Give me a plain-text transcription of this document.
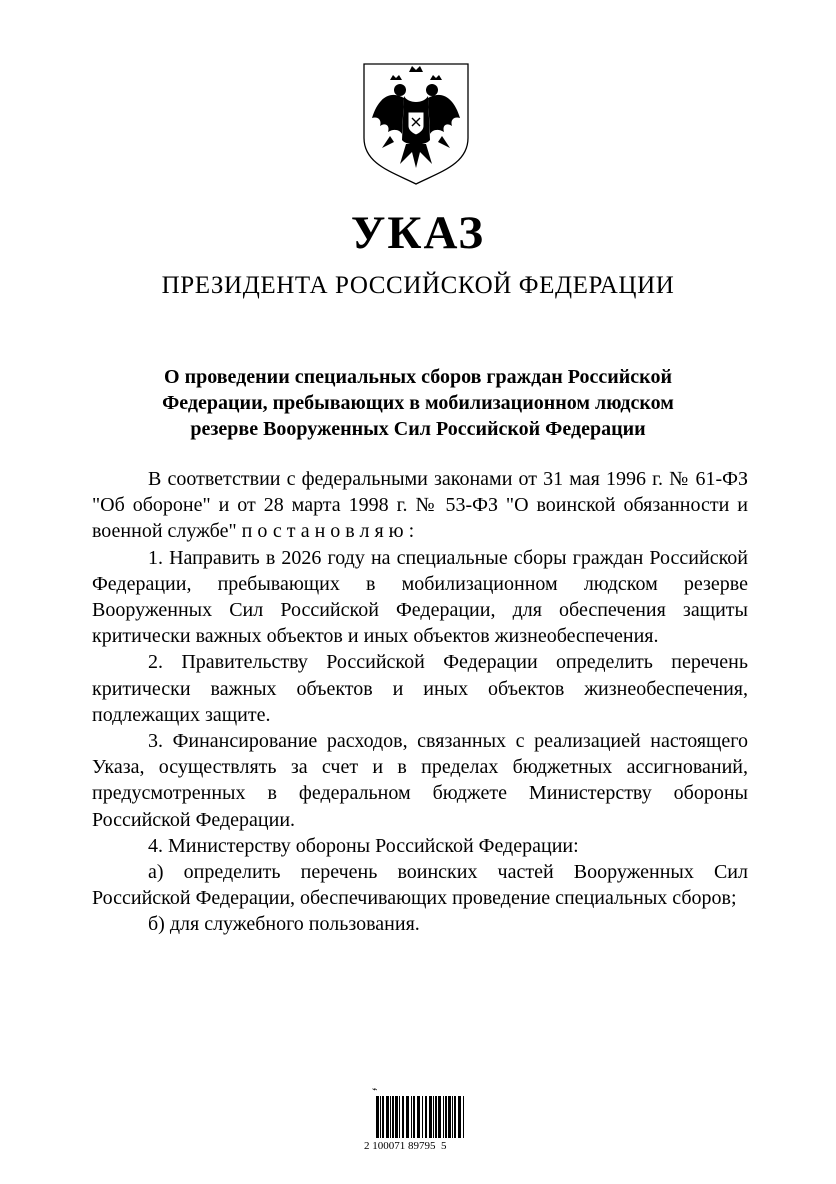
УКАЗ
ПРЕЗИДЕНТА РОССИЙСКОЙ ФЕДЕРАЦИИ
О проведении специальных сборов граждан Российской
Федерации, пребывающих в мобилизационном людском
резерве Вооруженных Сил Российской Федерации

В соответствии с федеральными законами от 31 мая 1996 г. № 61-ФЗ "Об обороне" и от 28 марта 1998 г. № 53-ФЗ "О воинской обязанности и военной службе" постановляю:

1. Направить в 2026 году на специальные сборы граждан Российской Федерации, пребывающих в мобилизационном людском резерве Вооруженных Сил Российской Федерации, для обеспечения защиты критически важных объектов и иных объектов жизнеобеспечения.

2. Правительству Российской Федерации определить перечень критически важных объектов и иных объектов жизнеобеспечения, подлежащих защите.

3. Финансирование расходов, связанных с реализацией настоящего Указа, осуществлять за счет и в пределах бюджетных ассигнований, предусмотренных в федеральном бюджете Министерству обороны Российской Федерации.

4. Министерству обороны Российской Федерации:

а) определить перечень воинских частей Вооруженных Сил Российской Федерации, обеспечивающих проведение специальных сборов;

б) для служебного пользования.

⌁
2 100071 89795  5
